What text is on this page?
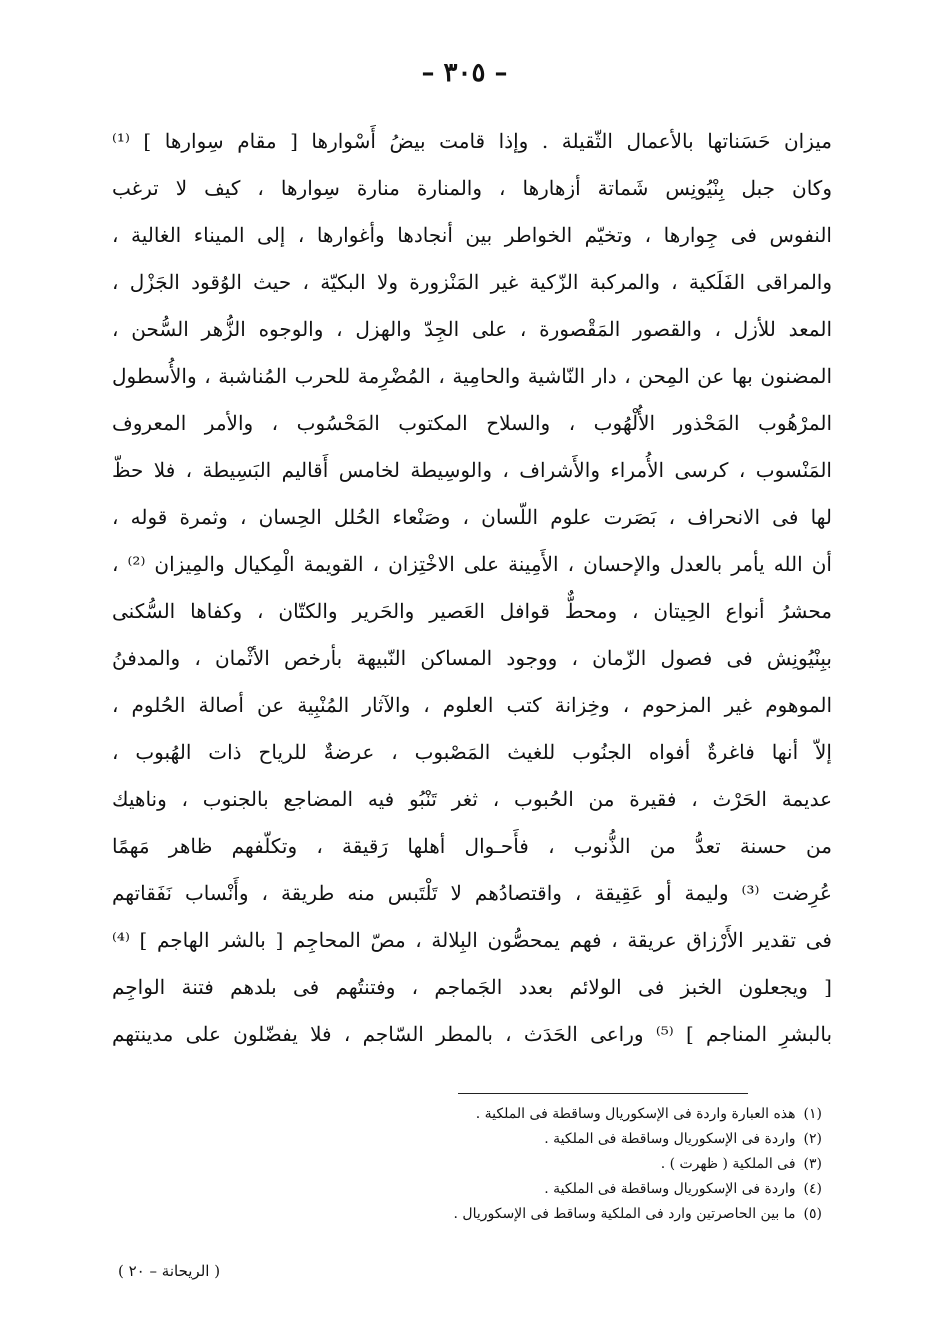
– ٣٠٥ –
ميزان حَسَناتها بالأعمال الثّقيلة . وإذا قامت بيضُ أَسْوارها [ مقام سِوارها ] ⁽¹⁾
وكان جبل بِنْيُونِس شَماتة أزهارها ، والمنارة منارة سِوارها ، كيف لا ترغب
النفوس فى جِوارها ، وتخيّم الخواطر بين أنجادها وأغوارها ، إلى الميناء الغالية ،
والمراقى الفَلَكية ، والمركبة الزّكية غير المَنْزورة ولا البكيّة ، حيث الوُقود الجَزْل ،
المعد للأزل ، والقصور المَقْصورة ، على الجِدّ والهزل ، والوجوه الزُّهر السُّحن ،
المضنون بها عن المِحن ، دار النّاشية والحامِية ، المُضْرِمة للحرب المُناشبة ، والأُسطول
المرْهُوب المَحْذور الأُلْهُوب ، والسلاح المكتوب المَحْسُوب ، والأمر المعروف
المَنْسوب ، كرسى الأُمراء والأَشراف ، والوسِيطة لخامس أَقاليم البَسِيطة ، فلا حظّ
لها فى الانحراف ، بَصَرت علوم اللّسان ، وصَنْعاء الحُلل الحِسان ، وثمرة قوله ،
أن الله يأمر بالعدل والإحسان ، الأَمِينة على الاخْتِزان ، القويمة الْمِكيال والمِيزان ⁽²⁾ ،
محشرُ أنواع الحِيتان ، ومحطٌّ قوافل العَصير والحَرير والكتّان ، وكفاها السُّكنى
ببِنْيُونِش فى فصول الزّمان ، ووجود المساكن النّبيهة بأرخص الأثْمان ، والمدفنُ
الموهوم غير المزحوم ، وخِزانة كتب العلوم ، والآثار المُنْبِية عن أصالة الحُلوم ،
إلاّ أنها فاغرةٌ أفواه الجنُوب للغيث المَصْبوب ، عرضةٌ للرياح ذات الهُبوب ،
عديمة الحَرْث ، فقيرة من الحُبوب ، ثغر تَنْبُو فيه المضاجع بالجنوب ، وناهيك
من حسنة تعدُّ من الذُّنوب ، فأَحـوال أهلها رَقيقة ، وتكلّفهم ظاهر مَهمًا
عُرِضت ⁽³⁾ وليمة أو عَقِيقة ، واقتصادُهم لا تَلْتَبس منه طريقة ، وأَنْساب نَفَقاتهم
فى تقدير الأَرْزاق عريقة ، فهم يمحصُّون البِلالة ، مصّ المحاجِم [ بالشر الهاجم ] ⁽⁴⁾
[ ويجعلون الخبز فى الولائم بعدد الجَماجم ، وفتنتُهم فى بلدهم فتنة الواجِم
بالبشرِ المناجم ] ⁽⁵⁾ وراعى الحَدَث ، بالمطر السّاجم ، فلا يفضّلون على مدينتهم
(١)هذه العبارة واردة فى الإسكوريال وساقطة فى الملكية .
(٢)واردة فى الإسكوريال وساقطة فى الملكية .
(٣)فى الملكية ( ظهرت ) .
(٤)واردة فى الإسكوريال وساقطة فى الملكية .
(٥)ما بين الحاصرتين وارد فى الملكية وساقط فى الإسكوريال .
( الريحانة – ٢٠ )
